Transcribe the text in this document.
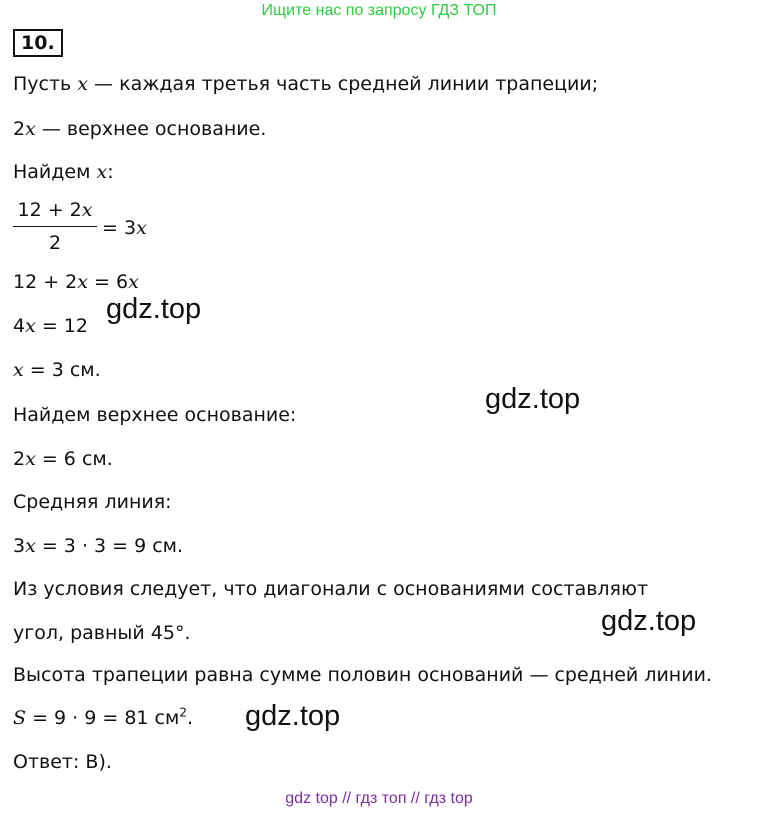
Ищите нас по запросу ГДЗ ТОП
10.
Пусть x — каждая третья часть средней линии трапеции;
2x — верхнее основание.
Найдем x:
$\frac{12 + 2x}{2} = 3x$
12 + 2x = 6x
4x = 12
x = 3 см.
Найдем верхнее основание:
2x = 6 см.
Средняя линия:
3x = 3 · 3 = 9 см.
Из условия следует, что диагонали с основаниями составляют
угол, равный 45°.
Высота трапеции равна сумме половин оснований — средней линии.
S = 9 · 9 = 81 $см^2$.
Ответ: В).
gdz.top
gdz.top
gdz.top
gdz.top
gdz top // гдз топ // гдз top
